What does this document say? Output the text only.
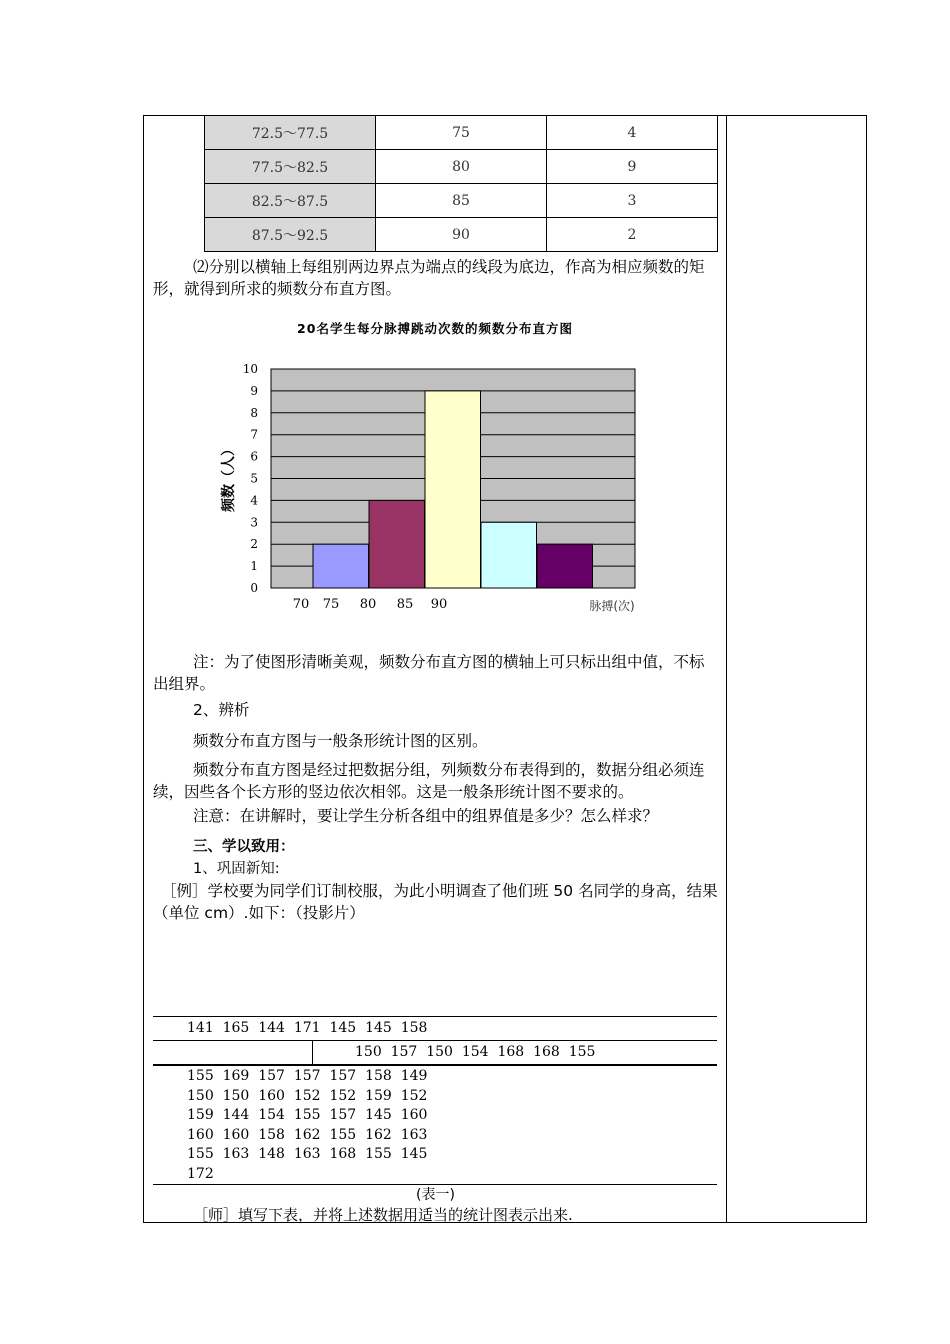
72.5～77.5	75	4
77.5～82.5	80	9
82.5～87.5	85	3
87.5～92.5	90	2

⑵分别以横轴上每组别两边界点为端点的线段为底边，作高为相应频数的矩形，就得到所求的频数分布直方图。

20名学生每分脉搏跳动次数的频数分布直方图
0
1
2
3
4
5
6
7
8
9
10
70 75 80 85 90	脉搏(次)
频数（人）

注：为了使图形清晰美观，频数分布直方图的横轴上可只标出组中值，不标出组界。

2、辨析

频数分布直方图与一般条形统计图的区别。

频数分布直方图是经过把数据分组，列频数分布表得到的，数据分组必须连续，因些各个长方形的竖边依次相邻。这是一般条形统计图不要求的。

注意：在讲解时，要让学生分析各组中的组界值是多少？怎么样求？

三、学以致用：

1、巩固新知:

［例］学校要为同学们订制校服，为此小明调查了他们班 50 名同学的身高，结果（单位 cm）.如下：（投影片）

141  165  144  171  145  145  158
150  157  150  154  168  168  155
155  169  157  157  157  158  149
150  150  160  152  152  159  152
159  144  154  155  157  145  160
160  160  158  162  155  162  163
155  163  148  163  168  155  145
172
(表一)

［师］填写下表，并将上述数据用适当的统计图表示出来.
